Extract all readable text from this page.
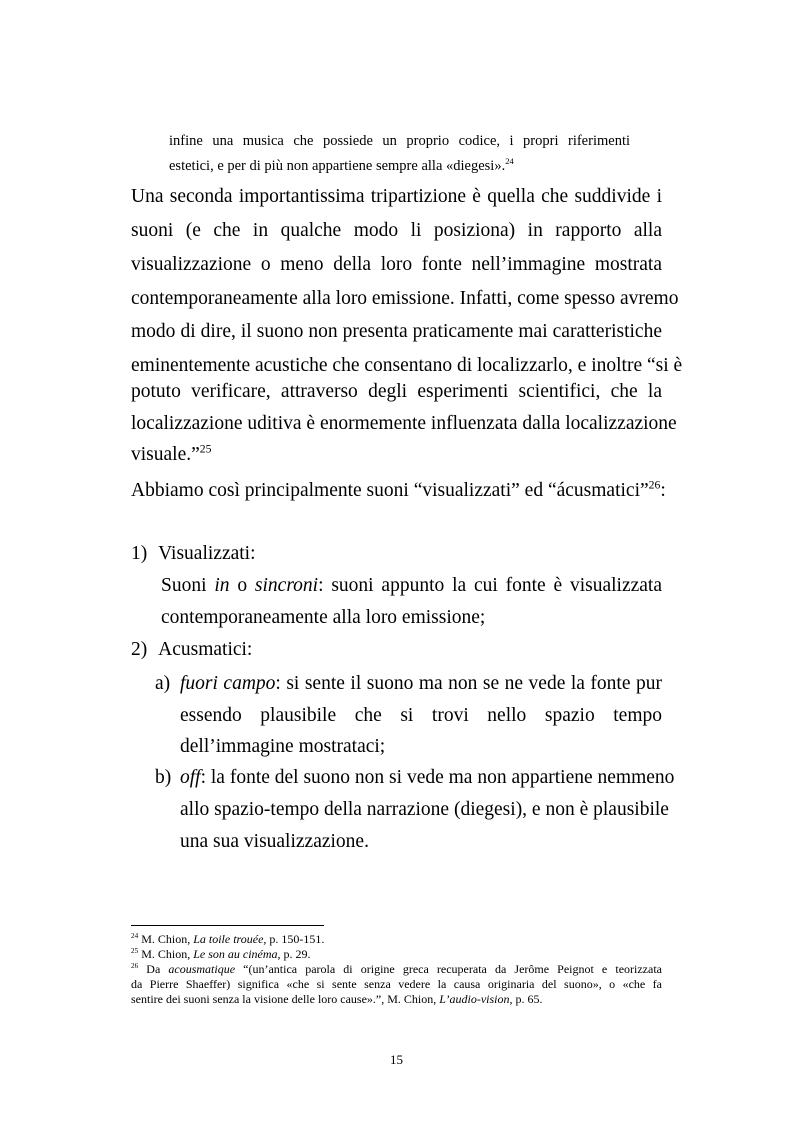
infine una musica che possiede un proprio codice, i propri riferimenti
estetici, e per di più non appartiene sempre alla «diegesi».$^{24}$
Una seconda importantissima tripartizione è quella che suddivide i
suoni (e che in qualche modo li posiziona) in rapporto alla
visualizzazione o meno della loro fonte nell’immagine mostrata
contemporaneamente alla loro emissione. Infatti, come spesso avremo
modo di dire, il suono non presenta praticamente mai caratteristiche
eminentemente acustiche che consentano di localizzarlo, e inoltre “si è
potuto verificare, attraverso degli esperimenti scientifici, che la
localizzazione uditiva è enormemente influenzata dalla localizzazione
visuale.”$^{25}$
Abbiamo così principalmente suoni “visualizzati” ed “ácusmatici”$^{26}$:
1) Visualizzati:
Suoni in o sincroni: suoni appunto la cui fonte è visualizzata
contemporaneamente alla loro emissione;
2) Acusmatici:
a) fuori campo: si sente il suono ma non se ne vede la fonte pur
essendo plausibile che si trovi nello spazio tempo
dell’immagine mostrataci;
b) off: la fonte del suono non si vede ma non appartiene nemmeno
allo spazio-tempo della narrazione (diegesi), e non è plausibile
una sua visualizzazione.
$^{24}$ M. Chion, La toile trouée, p. 150-151.
$^{25}$ M. Chion, Le son au cinéma, p. 29.
$^{26}$ Da acousmatique “(un’antica parola di origine greca recuperata da Jerôme Peignot e teorizzata
da Pierre Shaeffer) significa «che si sente senza vedere la causa originaria del suono», o «che fa
sentire dei suoni senza la visione delle loro cause».”, M. Chion, L’audio-vision, p. 65.
15
